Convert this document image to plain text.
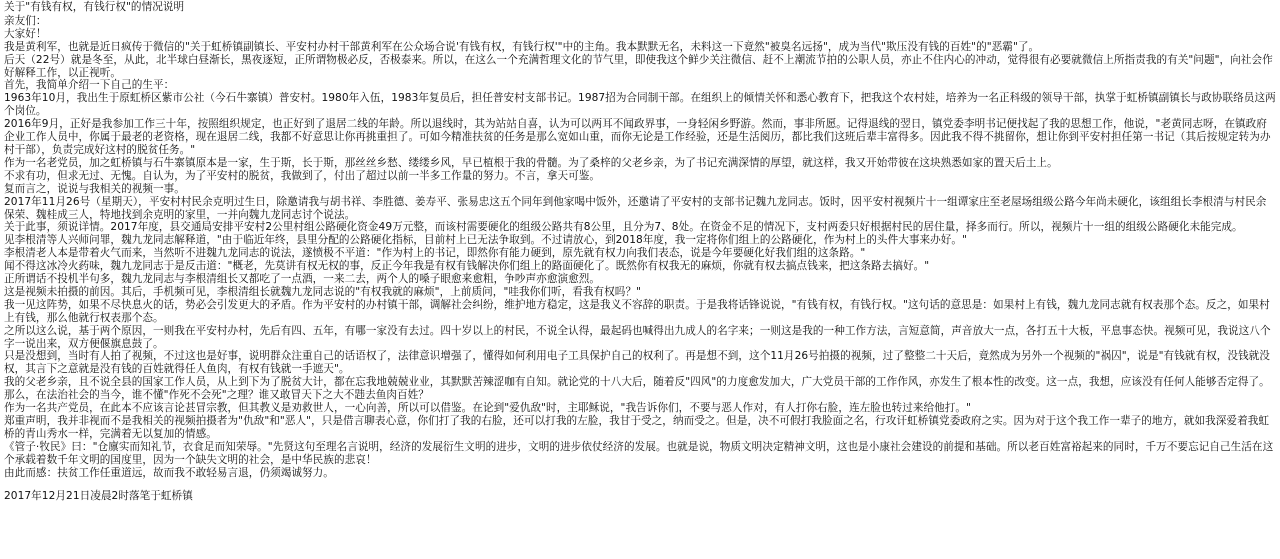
关于"有钱有权，有钱行权"的情况说明

亲友们：

大家好！

我是黄利军，也就是近日疯传于微信的"关于虹桥镇副镇长、平安村办村干部黄利军在公众场合说'有钱有权，有钱行权'"中的主角。我本默默无名，未料这一下竟然"被臭名远扬"，成为当代"欺压没有钱的百姓"的"恶霸"了。

后天（22号）就是冬至，从此，北半球白昼渐长，黑夜逐短，正所谓物极必反，否极泰来。所以，在这么一个充满哲理文化的节气里，即使我这个鲜少关注微信、赶不上潮流节拍的公职人员，亦止不住内心的冲动，觉得很有必要就微信上所指责我的有关"问题"，向社会作好解释工作，以正视听。

首先，我简单介绍一下自己的生平：

1963年10月，我出生于原虹桥区紫市公社（今石牛寨镇）普安村。1980年入伍，1983年复员后，担任普安村支部书记。1987招为合同制干部。在组织上的倾情关怀和悉心教育下，把我这个农村娃，培养为一名正科级的领导干部，执掌于虹桥镇副镇长与政协联络员这两个岗位。

2016年9月，正好是我参加工作三十年，按照组织规定，也正好到了退居二线的年龄。所以退线时，其为站站自喜，认为可以两耳不闻政界事，一身轻闲乡野游。然而，事非所愿。记得退线的翌日，镇党委李明书记便找起了我的思想工作，他说，"老黄同志呀，在镇政府企业工作人员中，你属于最老的老资格，现在退居二线，我都不好意思让你再挑重担了。可如今精准扶贫的任务是那么宽如山重，而你无论是工作经验，还是生活阅历，都比我们这班后辈丰富得多。因此我不得不挑留你，想让你到平安村担任第一书记（其后按规定转为办村干部），负责完成好这村的脱贫任务。"

作为一名老党员，加之虹桥镇与石牛寨镇原本是一家，生于斯，长于斯，那丝丝乡愁、缕缕乡风，早已植根于我的骨髓。为了桑梓的父老乡亲，为了书记充满深情的厚望，就这样，我又开始带彼在这块熟悉如家的置天后土上。

不求有功，但求无过、无愧。自认为，为了平安村的脱贫，我做到了，付出了超过以前一半多工作量的努力。不言，拿天可鉴。

复而言之，说说与我相关的视频一事。

2017年11月26号（星期天），平安村村民余克明过生日，除邀请我与胡书祥、李胜德、姜寿平、张易忠这五个同年到他家喝中饭外，还邀请了平安村的支部书记魏九龙同志。饭时，因平安村视频片十一组谭家庄至老屋场组级公路今年尚未硬化，该组组长李根清与村民余保荣、魏桂成三人，特地找到余克明的家里，一并向魏九龙同志讨个说法。

关于此事，须说详情。2017年度，县交通局安排平安村2公里村组公路硬化资金49万元整，而该村需要硬化的组级公路共有8公里，且分为7、8处。在资金不足的情况下，支村两委只好根据村民的居住量，择多而行。所以，视频片十一组的组级公路硬化未能完成。

见李根清等人兴师问罪，魏九龙同志解释道，"由于临近年终，县里分配的公路硬化指标，目前村上已无法争取到。不过请放心，到2018年度，我一定将你们组上的公路硬化，作为村上的头件大事来办好。"

李根清老人本是带着火气而来，当然听不进魏九龙同志的说法，遂愤极不平道："作为村上的书记，即然你有能力硬到，原先就有权力向我们表态，说是今年要硬化好我们组的这条路。"

闻不得这冰冷火药味，魏九龙同志于是反击道："概老，先莫讲有权无权的事，反正今年我是有权有钱解决你们组上的路面硬化了。既然你有权我无的麻烦，你就有权去搞点钱来，把这条路去搞好。"

正所谓话不投机半句多，魏九龙同志与李根清组长又都吃了一点酒，一来二去，两个人的嗓子眼愈来愈粗，争吵声亦愈演愈烈。

这是视频未拍摄的前因。其后，手机频可见，李根清组长就魏九龙同志说的"有权我就的麻烦"，上前质问，"哇我你们听，看我有权吗？"

我一见这阵势，如果不尽快息火的话，势必会引发更大的矛盾。作为平安村的办村镇干部，调解社会纠纷，维护地方稳定，这是我义不容辞的职责。于是我将话锋说说，"有钱有权，有钱行权。"这句话的意思是：如果村上有钱，魏九龙同志就有权表那个态。反之，如果村上有钱，那么他就行权表那个态。

之所以这么说，基于两个原因，一则我在平安村办村，先后有四、五年，有哪一家没有去过。四十岁以上的村民，不说全认得，最起码也喊得出九成人的名字来；一则这是我的一种工作方法，言短意简，声音放大一点，各打五十大板，平息事态快。视频可见，我说这八个字一说出来，双方便偃旗息鼓了。

只是没想到，当时有人拍了视频，不过这也是好事，说明群众注重自己的话语权了，法律意识增强了，懂得如何利用电子工具保护自己的权利了。再是想不到，这个11月26号拍摄的视频，过了整整二十天后，竟然成为另外一个视频的"祸囚"，说是"有钱就有权，没钱就没权，其言下之意就是没有钱的百姓就得任人鱼肉，有权有钱就一手遮天"。

我的父老乡亲，且不说全县的国家工作人员，从上到下为了脱贫大计，都在忘我地兢兢业业，其默默苦辣涩咖有自知。就论党的十八大后，随着反"四风"的力度愈发加大，广大党员干部的工作作风，亦发生了根本性的改变。这一点，我想，应该没有任何人能够否定得了。那么，在法治社会的当今，谁不懂"作死不会死"之理？谁又敢冒天下之大不韪去鱼肉百姓？

作为一名共产党员，在此本不应该言论甚冒宗教，但其教义是劝救世人，一心向善，所以可以借鉴。在论到"爱仇敌"时，主耶稣说，"我告诉你们，不要与恶人作对，有人打你右脸，连左脸也转过来给他打。"

郑重声明，我并非视而不是我相关的视频拍摄者为"仇敌"和"恶人"，只是借言聊表心意，你们打了我的右脸，还可以打我的左脸，我甘于受之，纳而受之。但是，决不可假打我脸面之名，行攻讦虹桥镇党委政府之实。因为对于这个我工作一辈子的地方，就如我深爱着我虹桥的青山秀水一样，完满着无以复加的情感。

《管子·牧民》曰："仓廪实而知礼节，衣食足而知荣辱。"先贤这句至理名言说明，经济的发展衍生文明的进步，文明的进步依仗经济的发展。也就是说，物质文明决定精神文明，这也是小康社会建设的前提和基础。所以老百姓富裕起来的同时，千万不要忘记自己生活在这个承载着数千年文明的国度里，因为一个缺失文明的社会，是中华民族的悲哀！

由此而感：扶贫工作任重道远，故而我不敢轻易言退，仍须竭诚努力。

2017年12月21日凌晨2时落笔于虹桥镇
